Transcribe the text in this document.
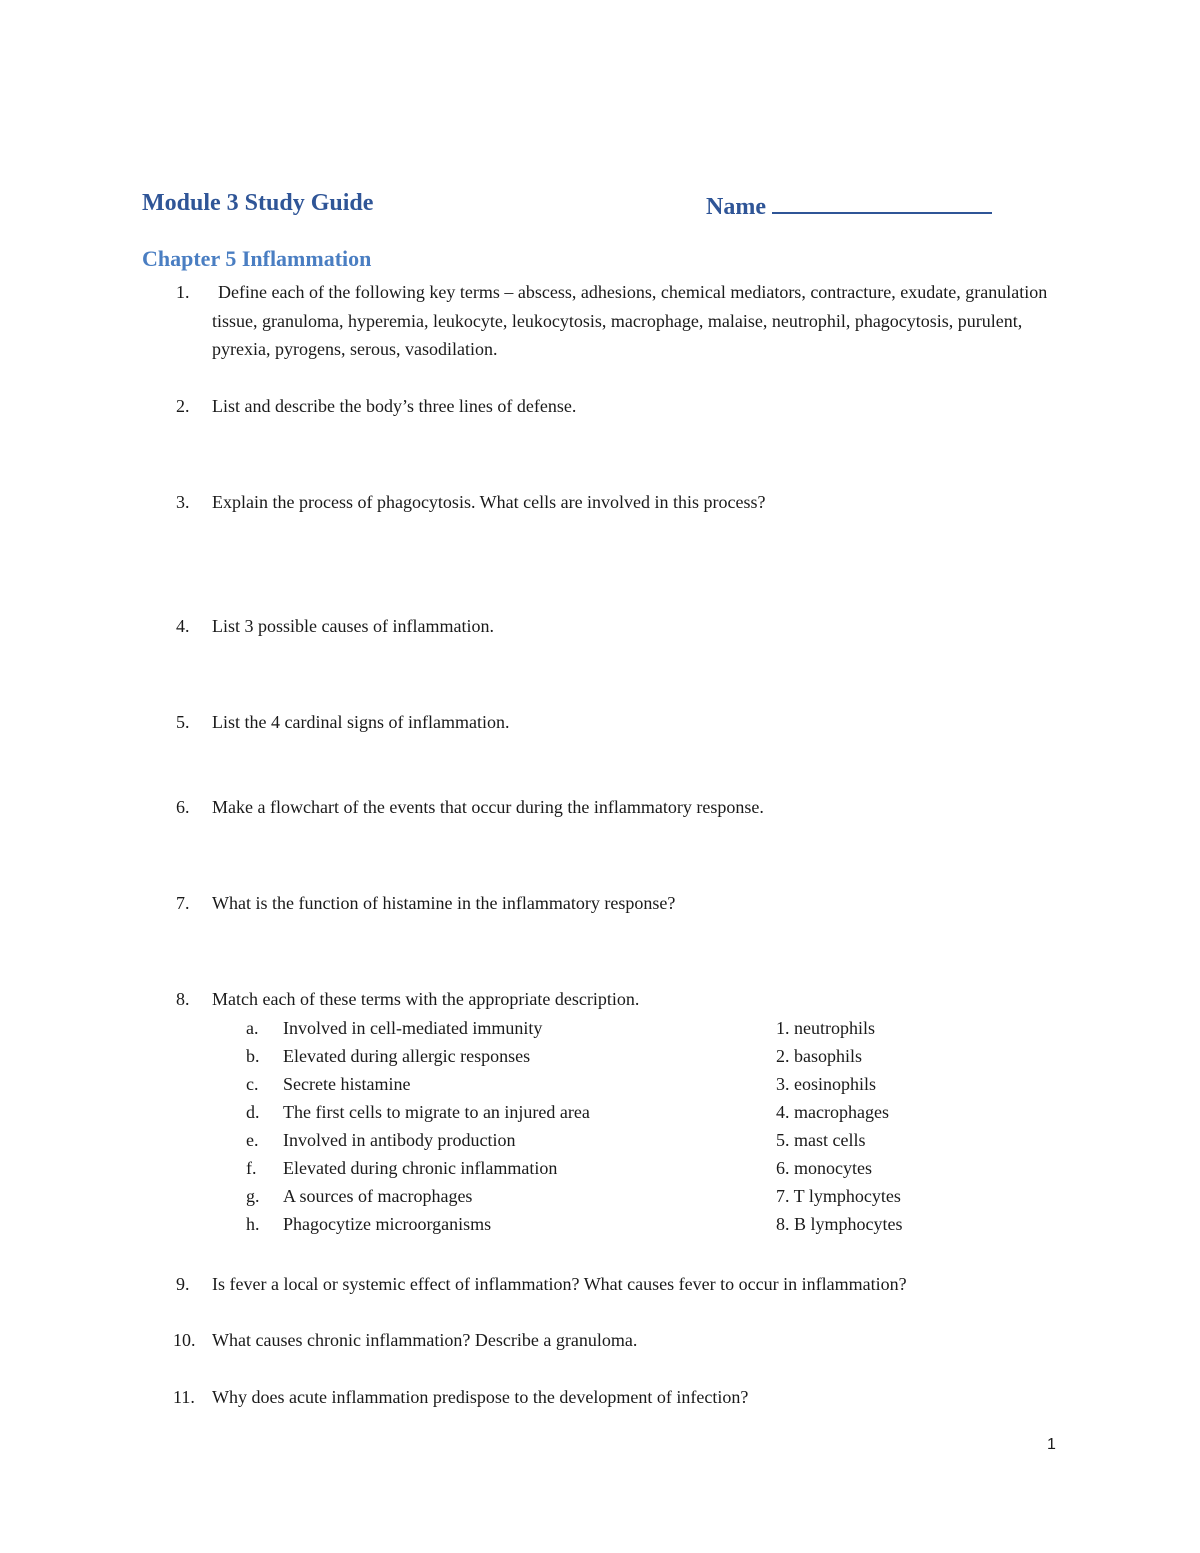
Module 3 Study Guide	Name
Chapter 5 Inflammation
1.	Define each of the following key terms – abscess, adhesions, chemical mediators, contracture, exudate, granulation tissue, granuloma, hyperemia, leukocyte, leukocytosis, macrophage, malaise, neutrophil, phagocytosis, purulent, pyrexia, pyrogens, serous, vasodilation.
2.	List and describe the body’s three lines of defense.
3.	Explain the process of phagocytosis. What cells are involved in this process?
4.	List 3 possible causes of inflammation.
5.	List the 4 cardinal signs of inflammation.
6.	Make a flowchart of the events that occur during the inflammatory response.
7.	What is the function of histamine in the inflammatory response?
8.	Match each of these terms with the appropriate description.
a. Involved in cell-mediated immunity	1. neutrophils
b. Elevated during allergic responses	2. basophils
c. Secrete histamine	3. eosinophils
d. The first cells to migrate to an injured area	4. macrophages
e. Involved in antibody production	5. mast cells
f. Elevated during chronic inflammation	6. monocytes
g. A sources of macrophages	7. T lymphocytes
h. Phagocytize microorganisms	8. B lymphocytes
9.	Is fever a local or systemic effect of inflammation? What causes fever to occur in inflammation?
10. What causes chronic inflammation? Describe a granuloma.
11. Why does acute inflammation predispose to the development of infection?
1
